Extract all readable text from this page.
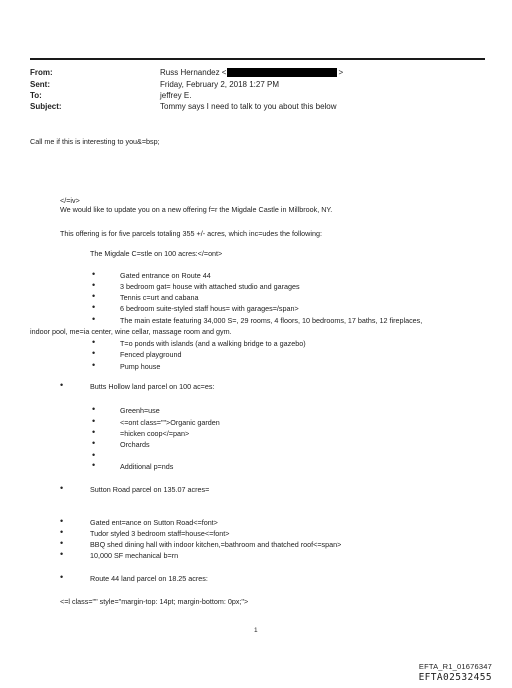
From:	Russ Hernandez <	>
Sent:	Friday, February 2, 2018 1:27 PM
To:	jeffrey E.
Subject:	Tommy says I need to talk to you about this below
Call me if this is interesting to you&=bsp;
</=iv>
We would like to update you on a new offering f=r the Migdale Castle in Millbrook, NY.
This offering is for five parcels totaling 355 +/- acres, which inc=udes the following:
The Migdale C=stle on 100 acres:</=ont>
•	Gated entrance on Route 44
•	3 bedroom gat= house with attached studio and garages
•	Tennis c=urt and cabana
•	6 bedroom suite-styled staff hous= with garages=/span>
•	The main estate featuring 34,000 S=, 29 rooms, 4 floors, 10 bedrooms, 17 baths, 12 fireplaces,
indoor pool, me=ia center, wine cellar, massage room and gym.
•	T=o ponds with islands (and a walking bridge to a gazebo)
•	Fenced playground
•	Pump house
•	Butts Hollow land parcel on 100 ac=es:
•	Greenh=use
•	<=ont class="">Organic garden
•	=hicken coop</=pan>
•	Orchards
•
•	Additional p=nds
•	Sutton Road parcel on 135.07 acres=
•	Gated ent=ance on Sutton Road<=font>
•	Tudor styled 3 bedroom staff=house<=font>
•	BBQ shed dining hall with indoor kitchen,=bathroom and thatched roof<=span>
•	10,000 SF mechanical b=rn
•	Route 44 land parcel on 18.25 acres:
<=l class="" style="margin-top: 14pt; margin-bottom: 0px;">
1
EFTA_R1_01676347
EFTA02532455
